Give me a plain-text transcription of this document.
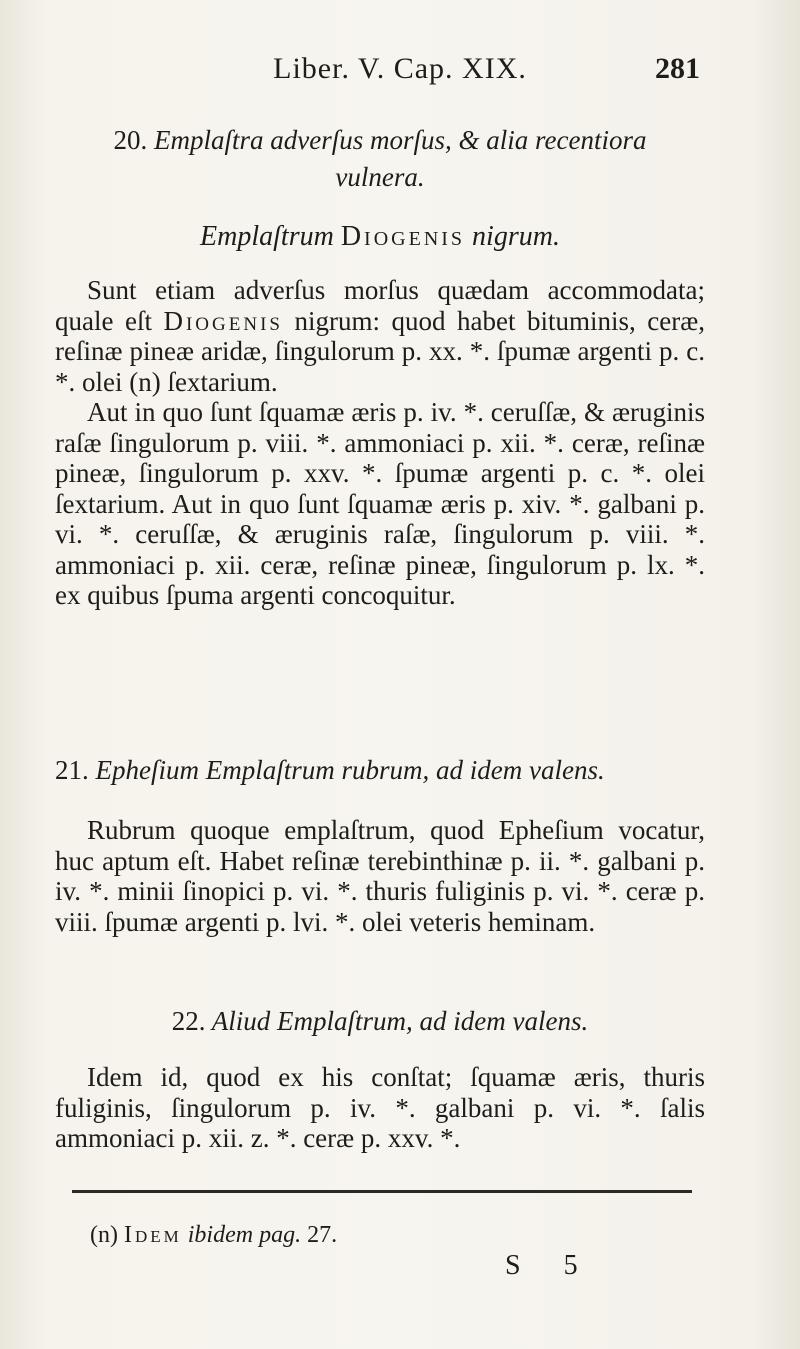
Liber. V. Cap. XIX.	281
20. Emplaſtra adverſus morſus, & alia recentiora
vulnera.
Emplaſtrum Diogenis nigrum.

Sunt etiam adverſus morſus quædam accommodata; quale eſt Diogenis nigrum: quod habet bituminis, ceræ, reſinæ pineæ aridæ, ſingulorum p. xx. *. ſpumæ argenti p. c. *. olei (n) ſextarium.

Aut in quo ſunt ſquamæ æris p. iv. *. ceruſſæ, & æruginis raſæ ſingulorum p. viii. *. ammoniaci p. xii. *. ceræ, reſinæ pineæ, ſingulorum p. xxv. *. ſpumæ argenti p. c. *. olei ſextarium. Aut in quo ſunt ſquamæ æris p. xiv. *. galbani p. vi. *. ceruſſæ, & æruginis raſæ, ſingulorum p. viii. *. ammoniaci p. xii. ceræ, reſinæ pineæ, ſingulorum p. lx. *. ex quibus ſpuma argenti concoquitur.

21. Epheſium Emplaſtrum rubrum, ad idem valens.

Rubrum quoque emplaſtrum, quod Epheſium vocatur, huc aptum eſt. Habet reſinæ terebinthinæ p. ii. *. galbani p. iv. *. minii ſinopici p. vi. *. thuris fuliginis p. vi. *. ceræ p. viii. ſpumæ argenti p. lvi. *. olei veteris heminam.

22. Aliud Emplaſtrum, ad idem valens.

Idem id, quod ex his conſtat; ſquamæ æris, thuris fuliginis, ſingulorum p. iv. *. galbani p. vi. *. ſalis ammoniaci p. xii. z. *. ceræ p. xxv. *.

(n) Idem ibidem pag. 27.
S 5
